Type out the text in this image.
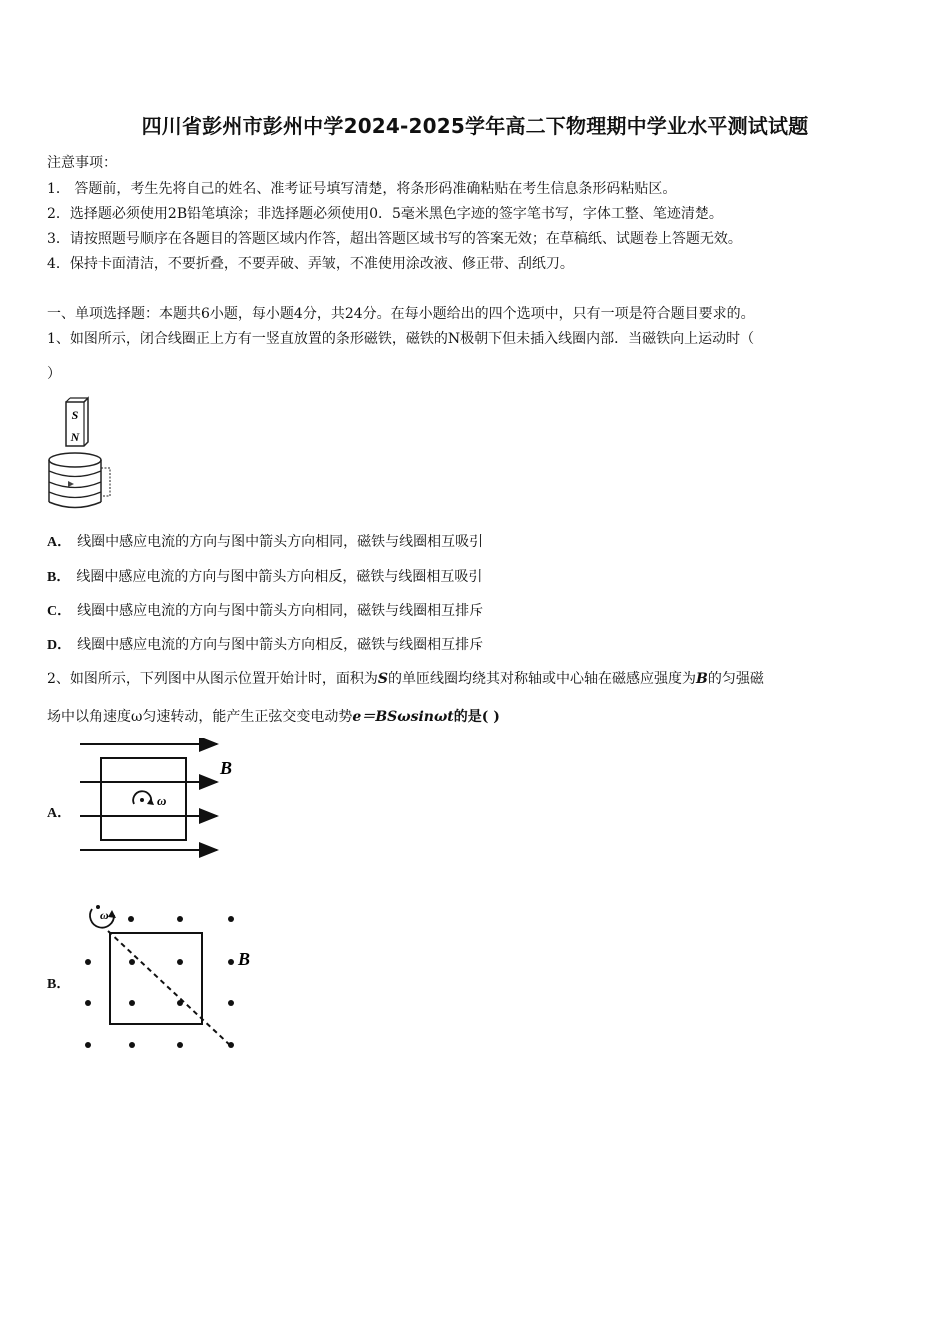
四川省彭州市彭州中学2024-2025学年高二下物理期中学业水平测试试题
注意事项：
1． 答题前，考生先将自己的姓名、准考证号填写清楚，将条形码准确粘贴在考生信息条形码粘贴区。
2．选择题必须使用2B铅笔填涂；非选择题必须使用0．5毫米黑色字迹的签字笔书写，字体工整、笔迹清楚。
3．请按照题号顺序在各题目的答题区域内作答，超出答题区域书写的答案无效；在草稿纸、试题卷上答题无效。
4．保持卡面清洁，不要折叠，不要弄破、弄皱，不准使用涂改液、修正带、刮纸刀。
一、单项选择题：本题共6小题，每小题4分，共24分。在每小题给出的四个选项中，只有一项是符合题目要求的。
1、如图所示，闭合线圈正上方有一竖直放置的条形磁铁，磁铁的N极朝下但未插入线圈内部．当磁铁向上运动时（
）
S
N
A． 线圈中感应电流的方向与图中箭头方向相同，磁铁与线圈相互吸引
B． 线圈中感应电流的方向与图中箭头方向相反，磁铁与线圈相互吸引
C． 线圈中感应电流的方向与图中箭头方向相同，磁铁与线圈相互排斥
D． 线圈中感应电流的方向与图中箭头方向相反，磁铁与线圈相互排斥
2、如图所示，下列图中从图示位置开始计时，面积为S的单匝线圈均绕其对称轴或中心轴在磁感应强度为B的匀强磁
场中以角速度ω匀速转动，能产生正弦交变电动势e＝BSωsinωt的是( )
A．
ω
B
B．
ω
B
